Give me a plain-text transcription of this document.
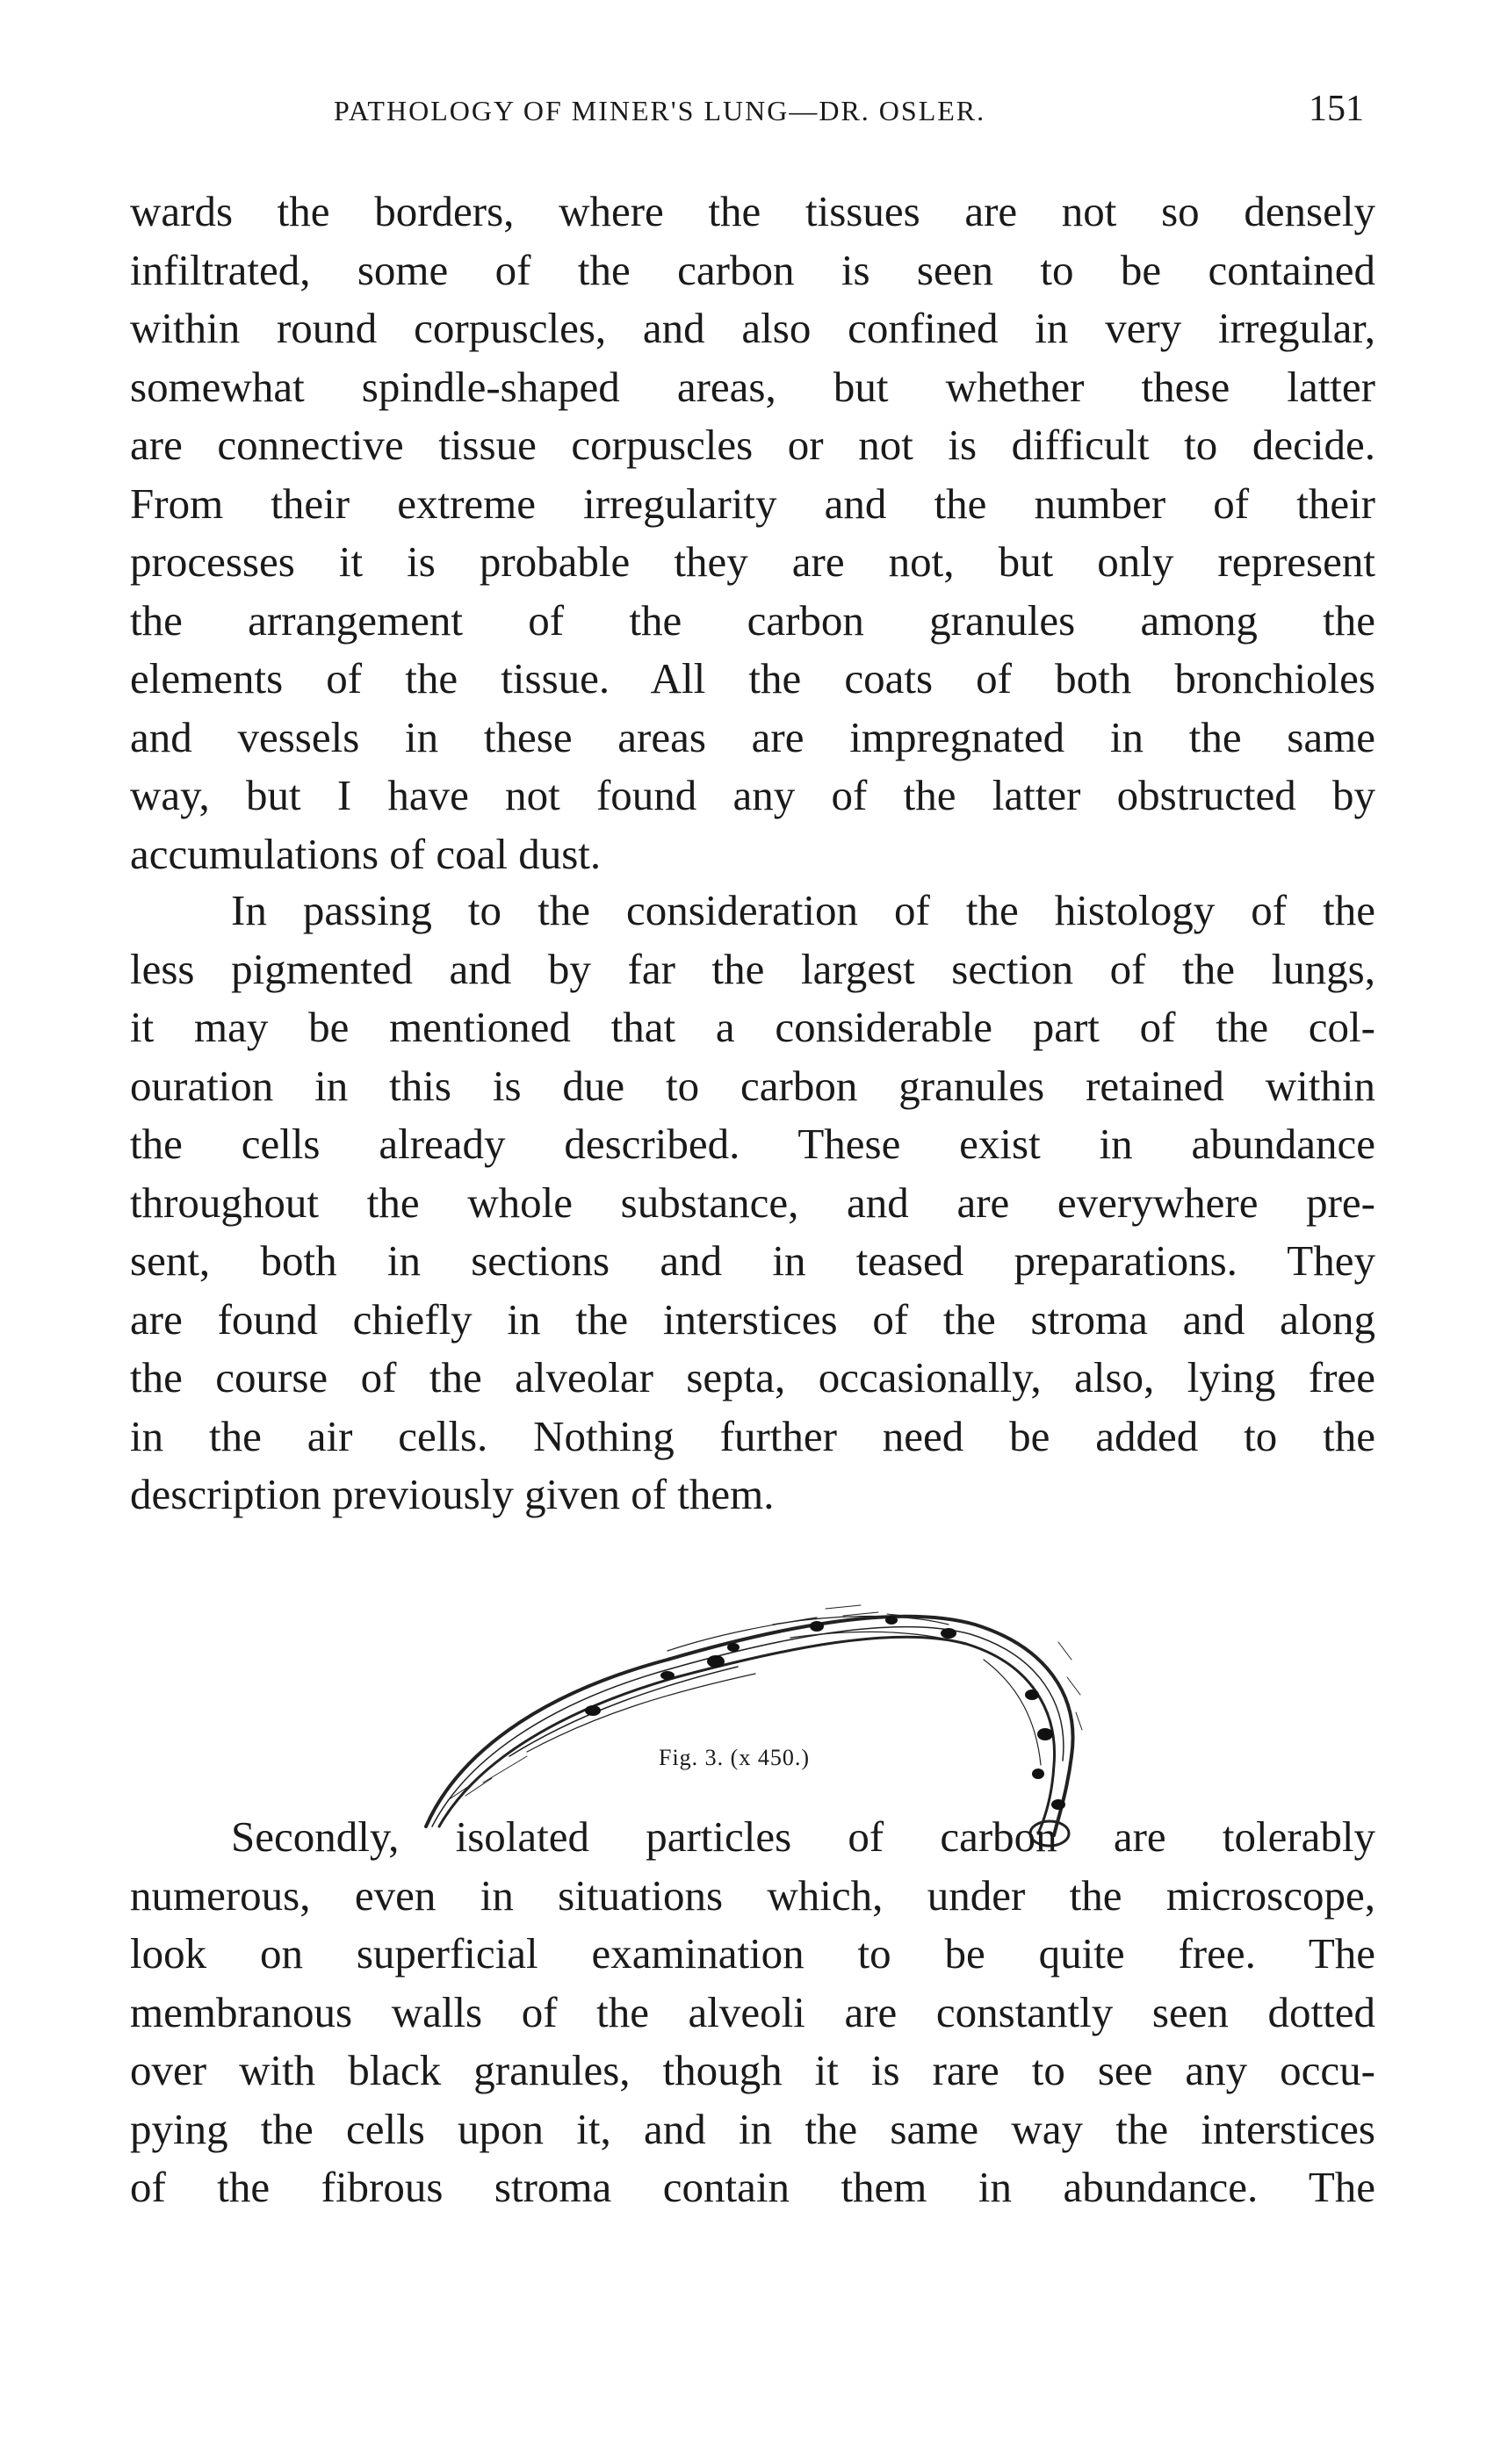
PATHOLOGY OF MINER'S LUNG—DR. OSLER.	151
wards the borders, where the tissues are not so densely
infiltrated, some of the carbon is seen to be contained
within round corpuscles, and also confined in very irregular,
somewhat spindle-shaped areas, but whether these latter
are connective tissue corpuscles or not is difficult to decide.
From their extreme irregularity and the number of their
processes it is probable they are not, but only represent
the arrangement of the carbon granules among the
elements of the tissue. All the coats of both bronchioles
and vessels in these areas are impregnated in the same
way, but I have not found any of the latter obstructed by
accumulations of coal dust.
In passing to the consideration of the histology of the
less pigmented and by far the largest section of the lungs,
it may be mentioned that a considerable part of the col-
ouration in this is due to carbon granules retained within
the cells already described. These exist in abundance
throughout the whole substance, and are everywhere pre-
sent, both in sections and in teased preparations. They
are found chiefly in the interstices of the stroma and along
the course of the alveolar septa, occasionally, also, lying free
in the air cells. Nothing further need be added to the
description previously given of them.
Fig. 3. (x 450.)
Secondly, isolated particles of carbon are tolerably
numerous, even in situations which, under the microscope,
look on superficial examination to be quite free. The
membranous walls of the alveoli are constantly seen dotted
over with black granules, though it is rare to see any occu-
pying the cells upon it, and in the same way the interstices
of the fibrous stroma contain them in abundance. The
